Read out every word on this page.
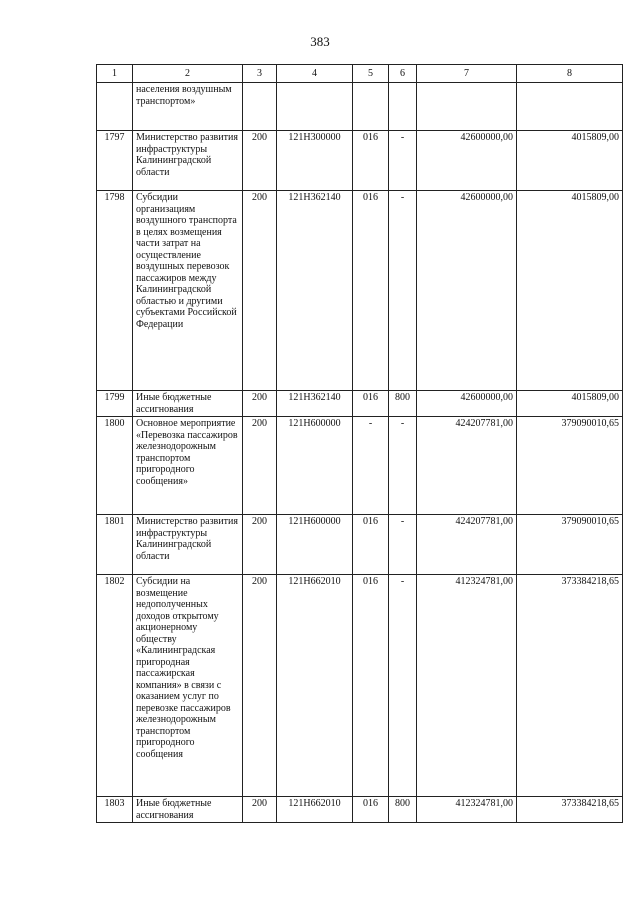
383
1	2	3	4	5	6	7	8
	населения воздушным транспортом»						
1797	Министерство развития инфраструктуры Калининградской области	200	121Н300000	016	-	42600000,00	4015809,00
1798	Субсидии организациям воздушного транспорта в целях возмещения части затрат на осуществление воздушных перевозок пассажиров между Калининградской областью и другими субъектами Российской Федерации	200	121Н362140	016	-	42600000,00	4015809,00
1799	Иные бюджетные ассигнования	200	121Н362140	016	800	42600000,00	4015809,00
1800	Основное мероприятие «Перевозка пассажиров железнодорожным транспортом пригородного сообщения»	200	121Н600000	-	-	424207781,00	379090010,65
1801	Министерство развития инфраструктуры Калининградской области	200	121Н600000	016	-	424207781,00	379090010,65
1802	Субсидии на возмещение недополученных доходов открытому акционерному обществу «Калининградская пригородная пассажирская компания» в связи с оказанием услуг по перевозке пассажиров железнодорожным транспортом пригородного сообщения	200	121Н662010	016	-	412324781,00	373384218,65
1803	Иные бюджетные ассигнования	200	121Н662010	016	800	412324781,00	373384218,65
